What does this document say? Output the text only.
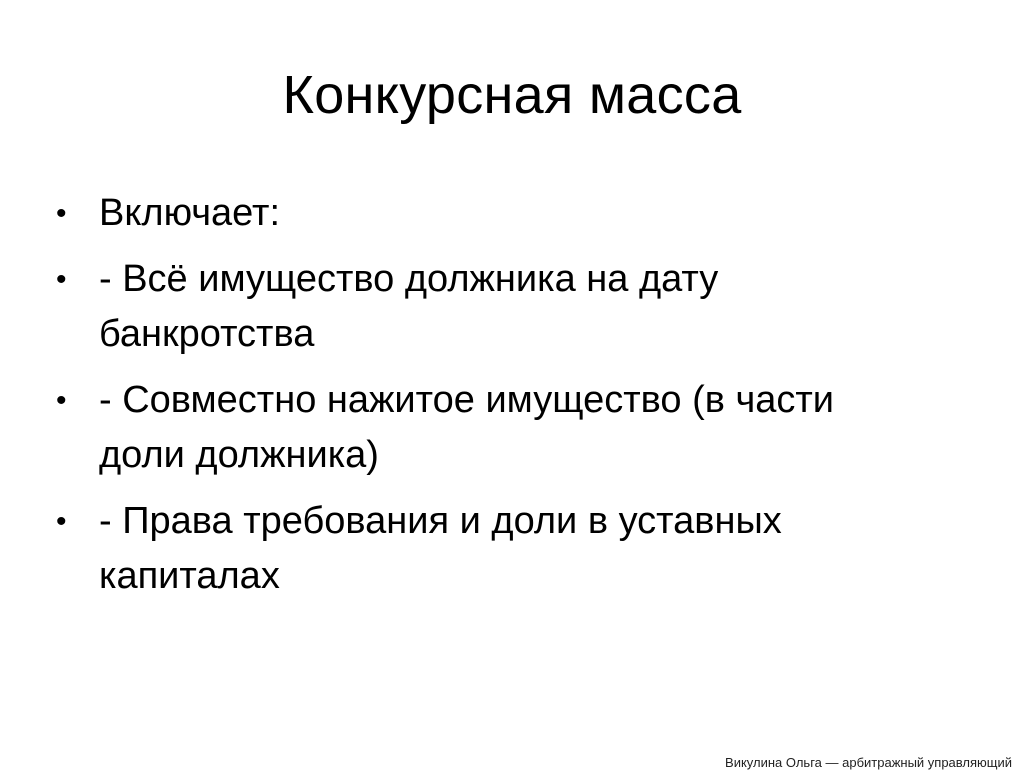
Конкурсная масса
• Включает:
• - Всё имущество должника на дату банкротства
• - Совместно нажитое имущество (в части доли должника)
• - Права требования и доли в уставных капиталах
Викулина Ольга — арбитражный управляющий
